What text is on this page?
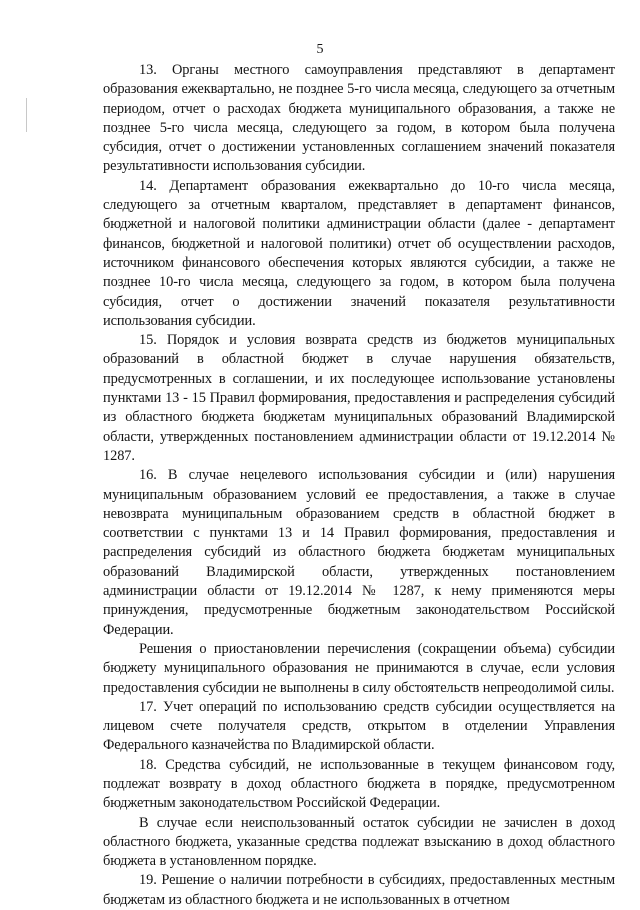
5

13. Органы местного самоуправления представляют в департамент образования ежеквартально, не позднее 5-го числа месяца, следующего за отчетным периодом, отчет о расходах бюджета муниципального образования, а также не позднее 5-го числа месяца, следующего за годом, в котором была получена субсидия, отчет о достижении установленных соглашением значений показателя результативности использования субсидии.

14. Департамент образования ежеквартально до 10-го числа месяца, следующего за отчетным кварталом, представляет в департамент финансов, бюджетной и налоговой политики администрации области (далее - департамент финансов, бюджетной и налоговой политики) отчет об осуществлении расходов, источником финансового обеспечения которых являются субсидии, а также не позднее 10-го числа месяца, следующего за годом, в котором была получена субсидия, отчет о достижении значений показателя результативности использования субсидии.

15. Порядок и условия возврата средств из бюджетов муниципальных образований в областной бюджет в случае нарушения обязательств, предусмотренных в соглашении, и их последующее использование установлены пунктами 13 - 15 Правил формирования, предоставления и распределения субсидий из областного бюджета бюджетам муниципальных образований Владимирской области, утвержденных постановлением администрации области от 19.12.2014 № 1287.

16. В случае нецелевого использования субсидии и (или) нарушения муниципальным образованием условий ее предоставления, а также в случае невозврата муниципальным образованием средств в областной бюджет в соответствии с пунктами 13 и 14 Правил формирования, предоставления и распределения субсидий из областного бюджета бюджетам муниципальных образований Владимирской области, утвержденных постановлением администрации области от 19.12.2014 № 1287, к нему применяются меры принуждения, предусмотренные бюджетным законодательством Российской Федерации.

Решения о приостановлении перечисления (сокращении объема) субсидии бюджету муниципального образования не принимаются в случае, если условия предоставления субсидии не выполнены в силу обстоятельств непреодолимой силы.

17. Учет операций по использованию средств субсидии осуществляется на лицевом счете получателя средств, открытом в отделении Управления Федерального казначейства по Владимирской области.

18. Средства субсидий, не использованные в текущем финансовом году, подлежат возврату в доход областного бюджета в порядке, предусмотренном бюджетным законодательством Российской Федерации.

В случае если неиспользованный остаток субсидии не зачислен в доход областного бюджета, указанные средства подлежат взысканию в доход областного бюджета в установленном порядке.

19. Решение о наличии потребности в субсидиях, предоставленных местным бюджетам из областного бюджета и не использованных в отчетном
